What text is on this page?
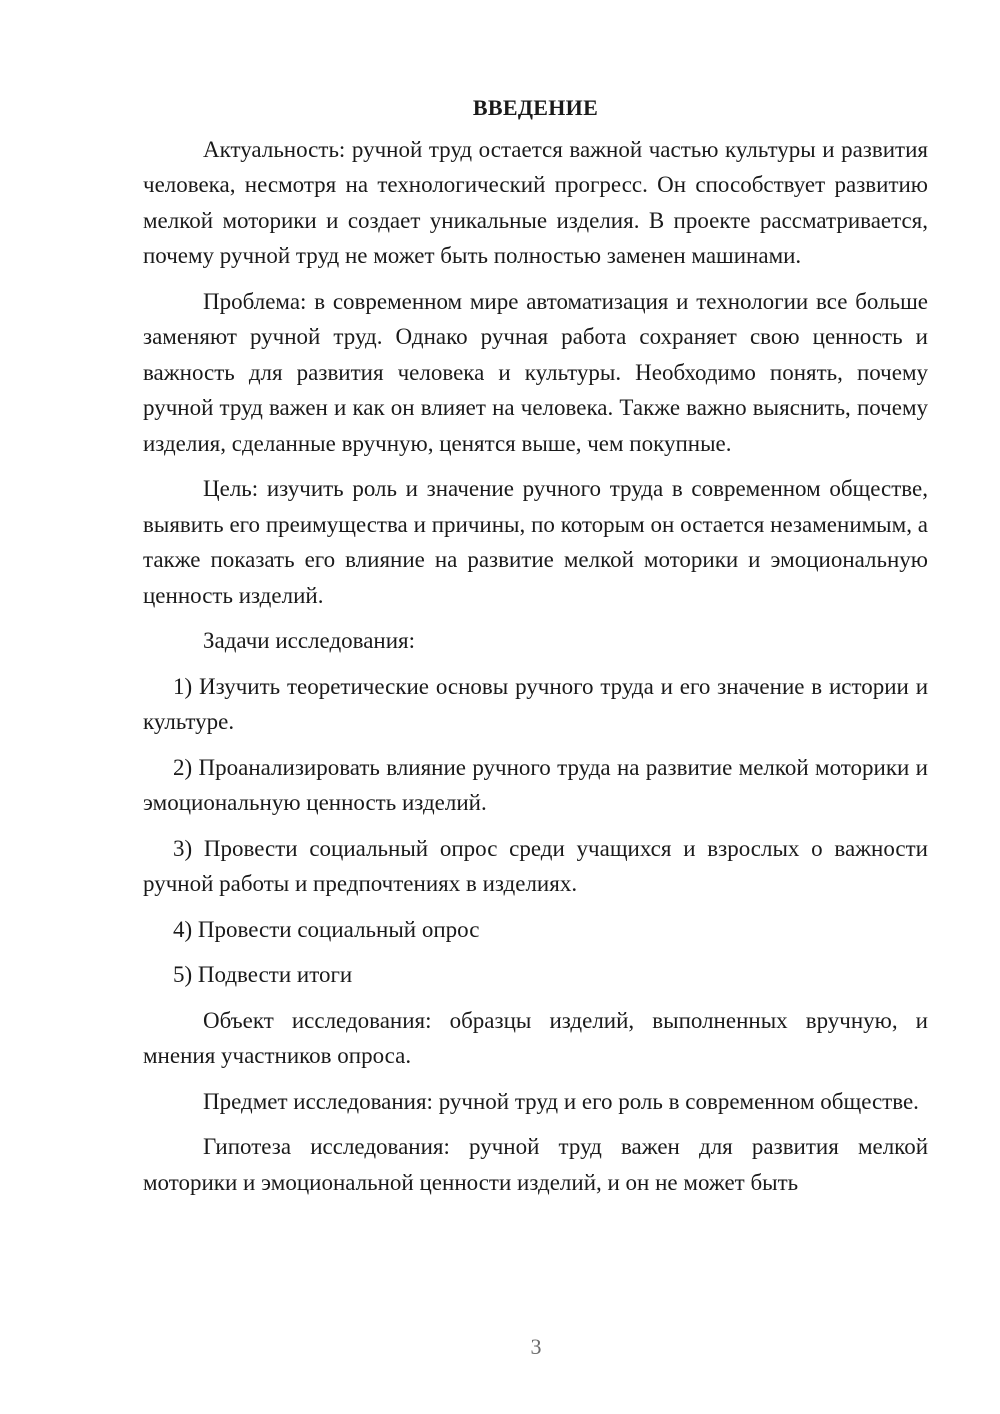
ВВЕДЕНИЕ

Актуальность: ручной труд остается важной частью культуры и развития человека, несмотря на технологический прогресс. Он способствует развитию мелкой моторики и создает уникальные изделия. В проекте рассматривается, почему ручной труд не может быть полностью заменен машинами.

Проблема: в современном мире автоматизация и технологии все больше заменяют ручной труд. Однако ручная работа сохраняет свою ценность и важность для развития человека и культуры. Необходимо понять, почему ручной труд важен и как он влияет на человека. Также важно выяснить, почему изделия, сделанные вручную, ценятся выше, чем покупные.

Цель: изучить роль и значение ручного труда в современном обществе, выявить его преимущества и причины, по которым он остается незаменимым, а также показать его влияние на развитие мелкой моторики и эмоциональную ценность изделий.

Задачи исследования:

1) Изучить теоретические основы ручного труда и его значение в истории и культуре.

2) Проанализировать влияние ручного труда на развитие мелкой моторики и эмоциональную ценность изделий.

3) Провести социальный опрос среди учащихся и взрослых о важности ручной работы и предпочтениях в изделиях.

4) Провести социальный опрос

5) Подвести итоги

Объект исследования: образцы изделий, выполненных вручную, и мнения участников опроса.

Предмет исследования: ручной труд и его роль в современном обществе.

Гипотеза исследования: ручной труд важен для развития мелкой моторики и эмоциональной ценности изделий, и он не может быть

3
